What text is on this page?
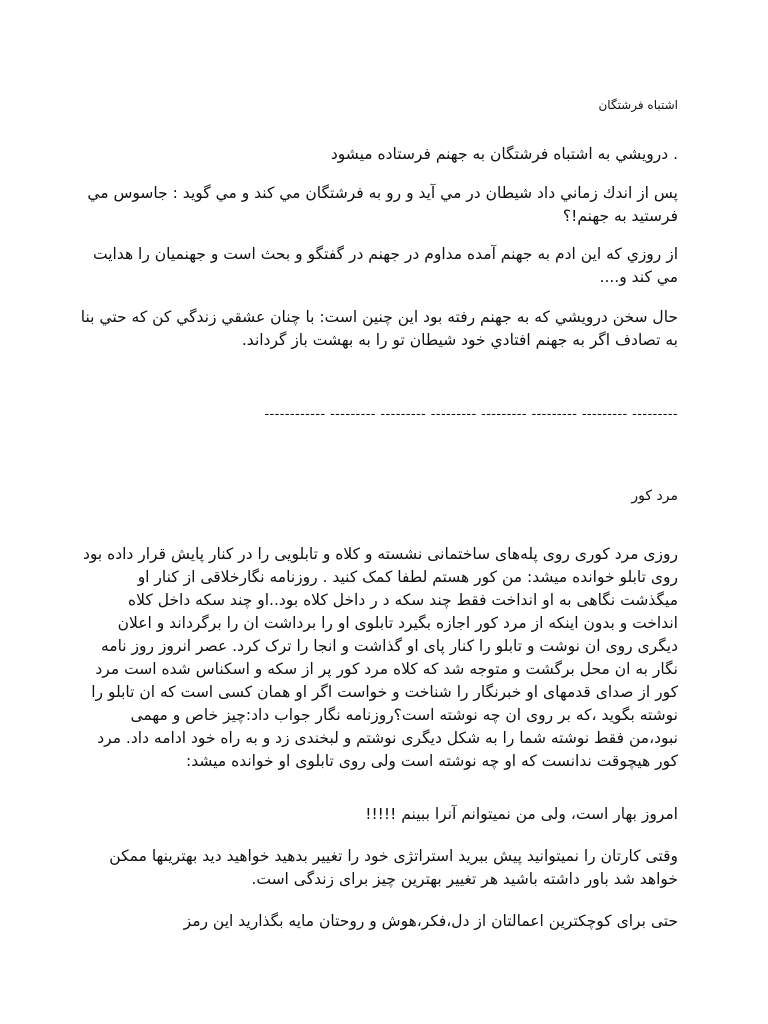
اشتباه فرشتگان
. درويشي به اشتباه فرشتگان به جهنم فرستاده ميشود
پس از اندك زماني داد شيطان در مي آيد و رو به فرشتگان مي كند و مي گويد : جاسوس مي فرستيد به جهنم!؟
از روزي كه اين ادم به جهنم آمده مداوم در جهنم در گفتگو و بحث است و جهنميان را هدايت مي كند و....
حال سخن درويشي كه به جهنم رفته بود اين چنين است: با چنان عشقي زندگي كن كه حتي بنا به تصادف اگر به جهنم افتادي خود شيطان تو را به بهشت باز گرداند.
------------ --------- --------- --------- --------- --------- --------- ---------
مرد کور
روزی مرد کوری روی پله‌های ساختمانی نشسته و کلاه و تابلویی را در کنار پایش قرار داده بود روی تابلو خوانده میشد: من کور هستم لطفا کمک کنید . روزنامه نگارخلاقی از کنار او میگذشت نگاهی به او انداخت فقط چند سکه د ر داخل کلاه بود..او چند سکه داخل کلاه انداخت و بدون اینکه از مرد کور اجازه بگیرد تابلوی او را برداشت ان را برگرداند و اعلان دیگری روی ان نوشت و تابلو را کنار پای او گذاشت و انجا را ترک کرد. عصر انروز روز نامه نگار به ان محل برگشت و متوجه شد که کلاه مرد کور پر از سکه و اسکناس شده است مرد کور از صدای قدمهای او خبرنگار را شناخت و خواست اگر او همان کسی است که ان تابلو را نوشته بگوید ،که بر روی ان چه نوشته است؟روزنامه نگار جواب داد:چیز خاص و مهمی نبود،من فقط نوشته شما را به شکل دیگری نوشتم و لبخندی زد و به راه خود ادامه داد. مرد کور هیچوقت ندانست که او چه نوشته است ولی روی تابلوی او خوانده میشد:
امروز بهار است، ولی من نمیتوانم آنرا ببینم !!!!!
وقتی کارتان را نمیتوانید پیش ببرید استراتژی خود را تغییر بدهید خواهید دید بهترینها ممکن خواهد شد باور داشته باشید هر تغییر بهترین چیز برای زندگی است.
حتی برای کوچکترین اعمالتان از دل،فکر،هوش و روحتان مایه بگذارید این رمز
